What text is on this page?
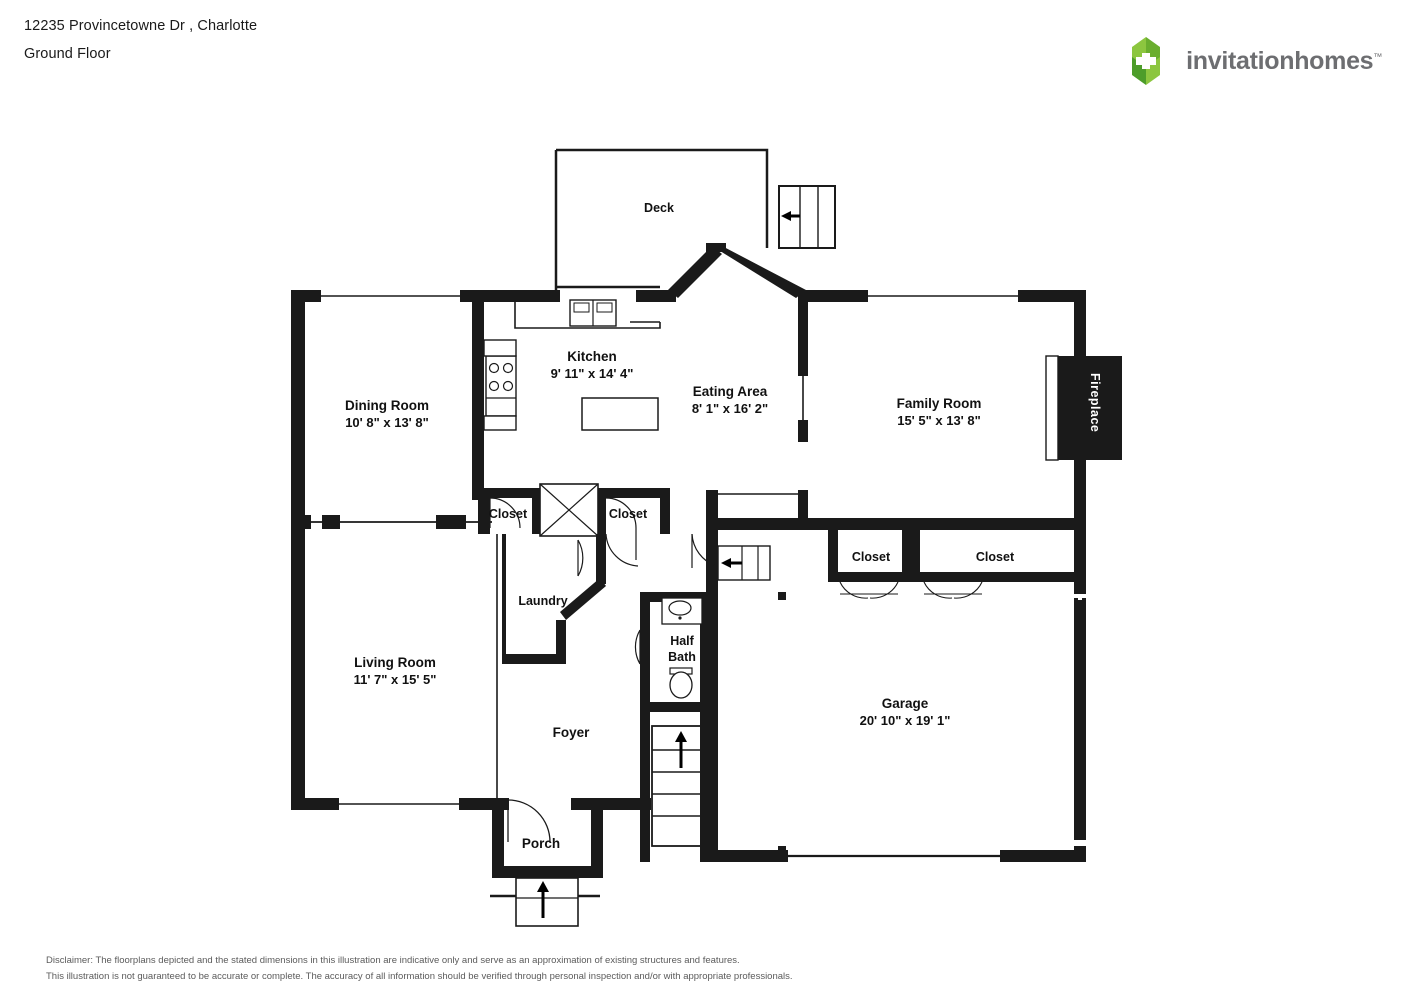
12235 Provincetowne Dr , Charlotte
Ground Floor	invitationhomes™
Deck
Kitchen
9' 11" x 14' 4"
Dining Room
10' 8" x 13' 8"
Eating Area
8' 1" x 16' 2"	Family Room
15' 5" x 13' 8"	Fireplace
Closet	Closet
Closet	Closet
Laundry
Half
Bath
Living Room
11' 7" x 15' 5"
Garage
20' 10" x 19' 1"
Foyer
Porch
Disclaimer: The floorplans depicted and the stated dimensions in this illustration are indicative only and serve as an approximation of existing structures and features.
This illustration is not guaranteed to be accurate or complete. The accuracy of all information should be verified through personal inspection and/or with appropriate professionals.
